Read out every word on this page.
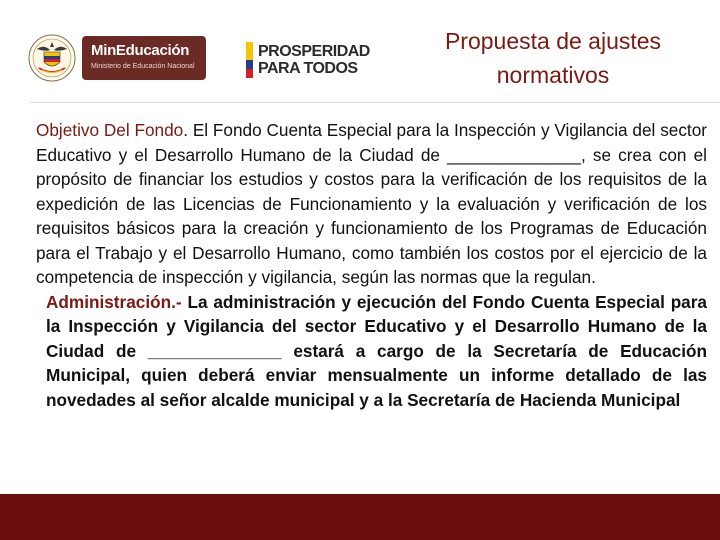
MinEducación
Ministerio de Educación Nacional
PROSPERIDAD
PARA TODOS
Propuesta de ajustes
normativos

Objetivo Del Fondo. El Fondo Cuenta Especial para la Inspección y Vigilancia del sector Educativo y el Desarrollo Humano de la Ciudad de ______________, se crea con el propósito de financiar los estudios y costos para la verificación de los requisitos de la expedición de las Licencias de Funcionamiento y la evaluación y verificación de los requisitos básicos para la creación y funcionamiento de los Programas de Educación para el Trabajo y el Desarrollo Humano, como también los costos por el ejercicio de la competencia de inspección y vigilancia, según las normas que la regulan.

Administración.- La administración y ejecución del Fondo Cuenta Especial para la Inspección y Vigilancia del sector Educativo y el Desarrollo Humano de la Ciudad de ______________ estará a cargo de la Secretaría de Educación Municipal, quien deberá enviar mensualmente un informe detallado de las novedades al señor alcalde municipal y a la Secretaría de Hacienda Municipal
